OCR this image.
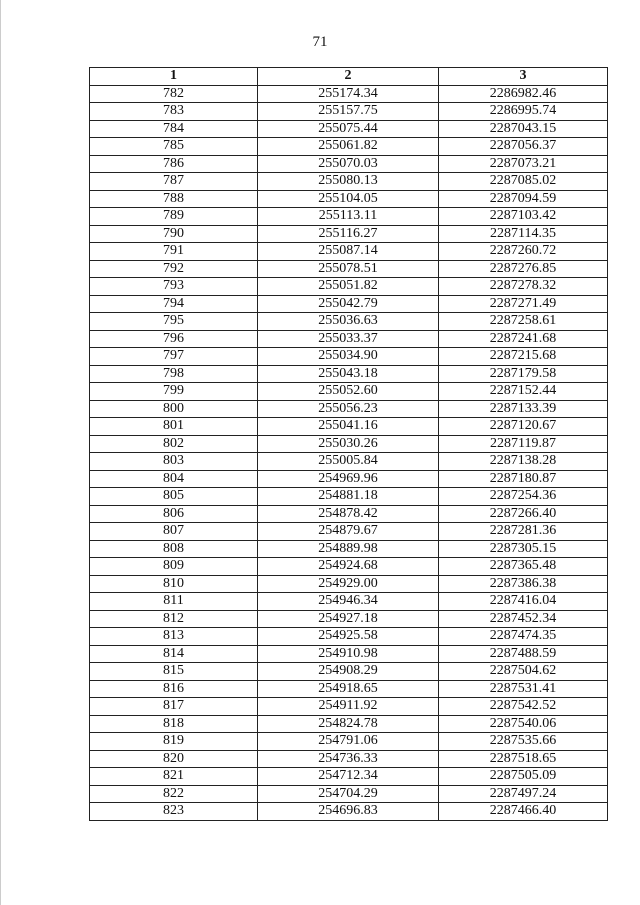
71
1	2	3
782	255174.34	2286982.46
783	255157.75	2286995.74
784	255075.44	2287043.15
785	255061.82	2287056.37
786	255070.03	2287073.21
787	255080.13	2287085.02
788	255104.05	2287094.59
789	255113.11	2287103.42
790	255116.27	2287114.35
791	255087.14	2287260.72
792	255078.51	2287276.85
793	255051.82	2287278.32
794	255042.79	2287271.49
795	255036.63	2287258.61
796	255033.37	2287241.68
797	255034.90	2287215.68
798	255043.18	2287179.58
799	255052.60	2287152.44
800	255056.23	2287133.39
801	255041.16	2287120.67
802	255030.26	2287119.87
803	255005.84	2287138.28
804	254969.96	2287180.87
805	254881.18	2287254.36
806	254878.42	2287266.40
807	254879.67	2287281.36
808	254889.98	2287305.15
809	254924.68	2287365.48
810	254929.00	2287386.38
811	254946.34	2287416.04
812	254927.18	2287452.34
813	254925.58	2287474.35
814	254910.98	2287488.59
815	254908.29	2287504.62
816	254918.65	2287531.41
817	254911.92	2287542.52
818	254824.78	2287540.06
819	254791.06	2287535.66
820	254736.33	2287518.65
821	254712.34	2287505.09
822	254704.29	2287497.24
823	254696.83	2287466.40
